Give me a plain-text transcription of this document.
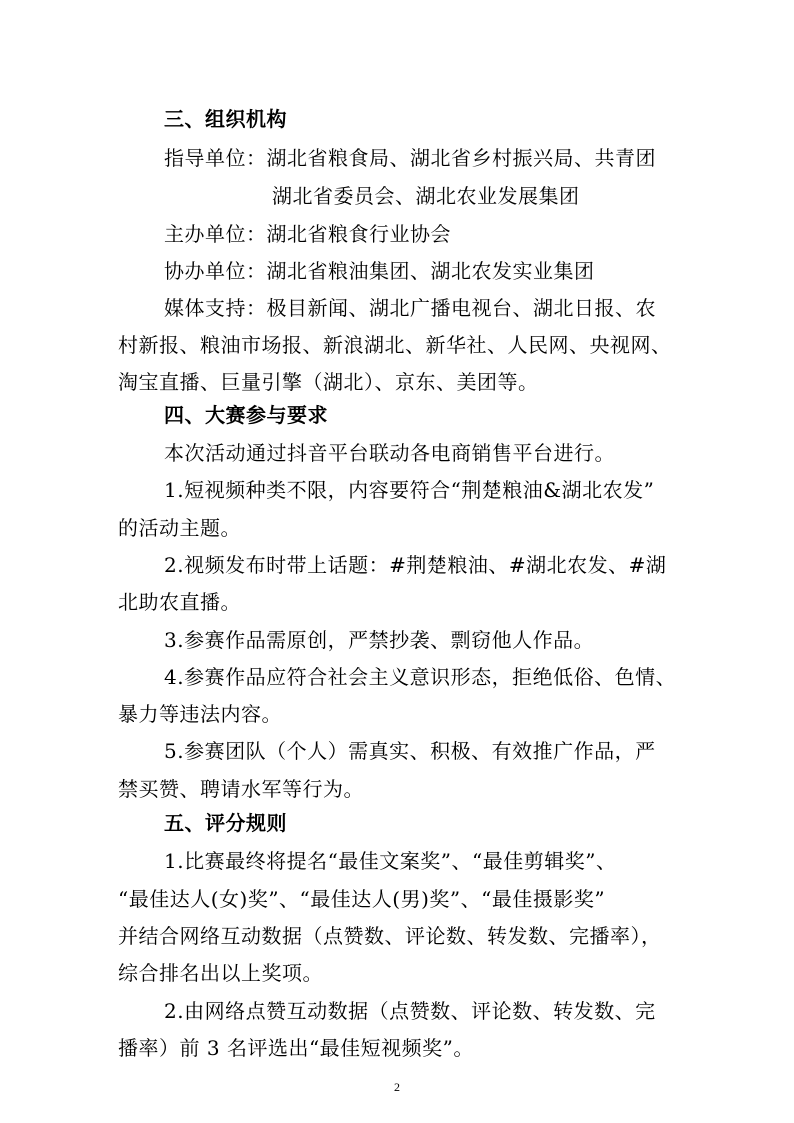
三、组织机构
指导单位：湖北省粮食局、湖北省乡村振兴局、共青团
湖北省委员会、湖北农业发展集团
主办单位：湖北省粮食行业协会
协办单位：湖北省粮油集团、湖北农发实业集团
媒体支持：极目新闻、湖北广播电视台、湖北日报、农
村新报、粮油市场报、新浪湖北、新华社、人民网、央视网、
淘宝直播、巨量引擎（湖北）、京东、美团等。
四、大赛参与要求
本次活动通过抖音平台联动各电商销售平台进行。
1.短视频种类不限，内容要符合“荆楚粮油&湖北农发”
的活动主题。
2.视频发布时带上话题：#荆楚粮油、#湖北农发、#湖
北助农直播。
3.参赛作品需原创，严禁抄袭、剽窃他人作品。
4.参赛作品应符合社会主义意识形态，拒绝低俗、色情、
暴力等违法内容。
5.参赛团队（个人）需真实、积极、有效推广作品，严
禁买赞、聘请水军等行为。
五、评分规则
1.比赛最终将提名“最佳文案奖”、“最佳剪辑奖”、
“最佳达人(女)奖”、“最佳达人(男)奖”、“最佳摄影奖”
并结合网络互动数据（点赞数、评论数、转发数、完播率），
综合排名出以上奖项。
2.由网络点赞互动数据（点赞数、评论数、转发数、完
播率）前 3 名评选出“最佳短视频奖”。
2
